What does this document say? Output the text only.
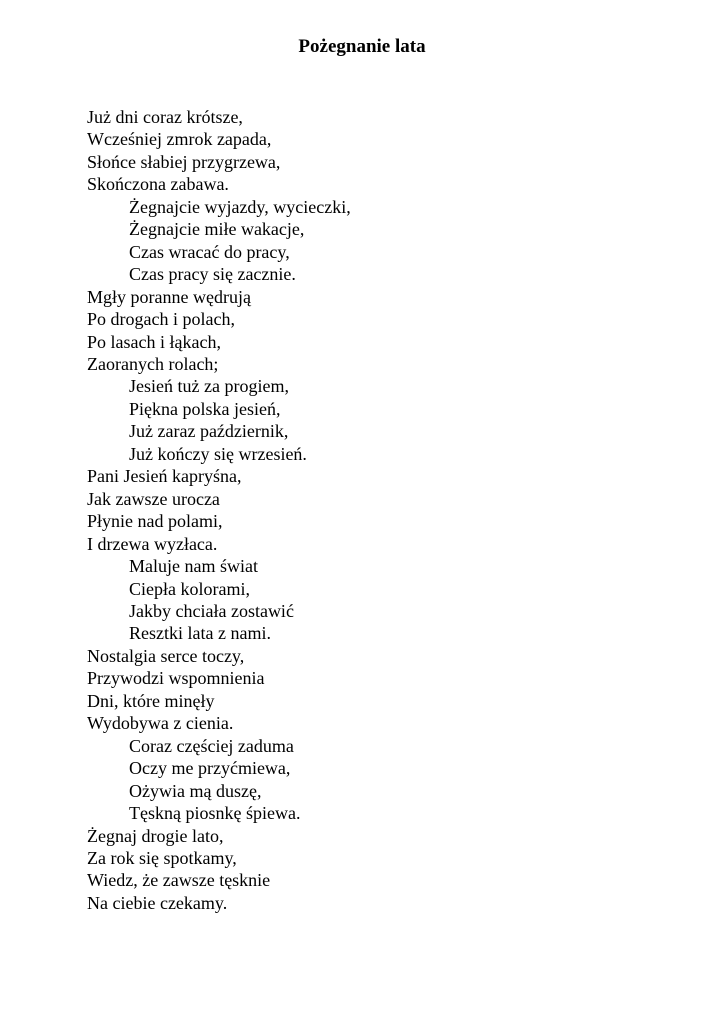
Pożegnanie lata
Już dni coraz krótsze,
Wcześniej zmrok zapada,
Słońce słabiej przygrzewa,
Skończona zabawa.
Żegnajcie wyjazdy, wycieczki,
Żegnajcie miłe wakacje,
Czas wracać do pracy,
Czas pracy się zacznie.
Mgły poranne wędrują
Po drogach i polach,
Po lasach i łąkach,
Zaoranych rolach;
Jesień tuż za progiem,
Piękna polska jesień,
Już zaraz październik,
Już kończy się wrzesień.
Pani Jesień kapryśna,
Jak zawsze urocza
Płynie nad polami,
I drzewa wyzłaca.
Maluje nam świat
Ciepła kolorami,
Jakby chciała zostawić
Resztki lata z nami.
Nostalgia serce toczy,
Przywodzi wspomnienia
Dni, które minęły
Wydobywa z cienia.
Coraz częściej zaduma
Oczy me przyćmiewa,
Ożywia mą duszę,
Tęskną piosnkę śpiewa.
Żegnaj drogie lato,
Za rok się spotkamy,
Wiedz, że zawsze tęsknie
Na ciebie czekamy.
